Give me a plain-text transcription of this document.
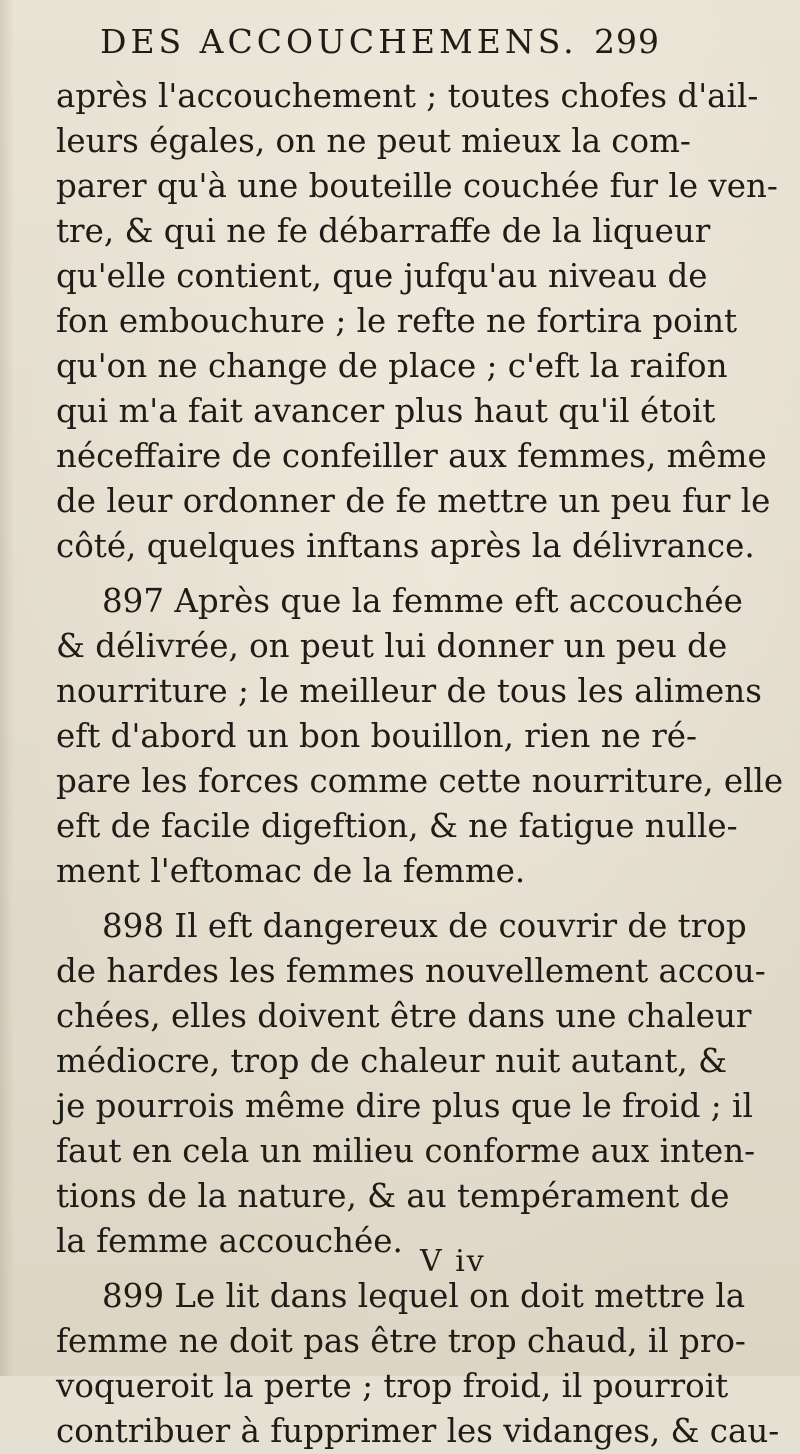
DES ACCOUCHEMENS. 299
après l'accouchement ; toutes chofes d'ail-
leurs égales, on ne peut mieux la com-
parer qu'à une bouteille couchée fur le ven-
tre, & qui ne fe débarraffe de la liqueur
qu'elle contient, que jufqu'au niveau de
fon embouchure ; le refte ne fortira point
qu'on ne change de place ; c'eft la raifon
qui m'a fait avancer plus haut qu'il étoit
néceffaire de confeiller aux femmes, même
de leur ordonner de fe mettre un peu fur le
côté, quelques inftans après la délivrance.
897 Après que la femme eft accouchée
& délivrée, on peut lui donner un peu de
nourriture ; le meilleur de tous les alimens
eft d'abord un bon bouillon, rien ne ré-
pare les forces comme cette nourriture, elle
eft de facile digeftion, & ne fatigue nulle-
ment l'eftomac de la femme.
898 Il eft dangereux de couvrir de trop
de hardes les femmes nouvellement accou-
chées, elles doivent être dans une chaleur
médiocre, trop de chaleur nuit autant, &
je pourrois même dire plus que le froid ; il
faut en cela un milieu conforme aux inten-
tions de la nature, & au tempérament de
la femme accouchée.
899 Le lit dans lequel on doit mettre la
femme ne doit pas être trop chaud, il pro-
voqueroit la perte ; trop froid, il pourroit
contribuer à fupprimer les vidanges, & cau-
V iv
